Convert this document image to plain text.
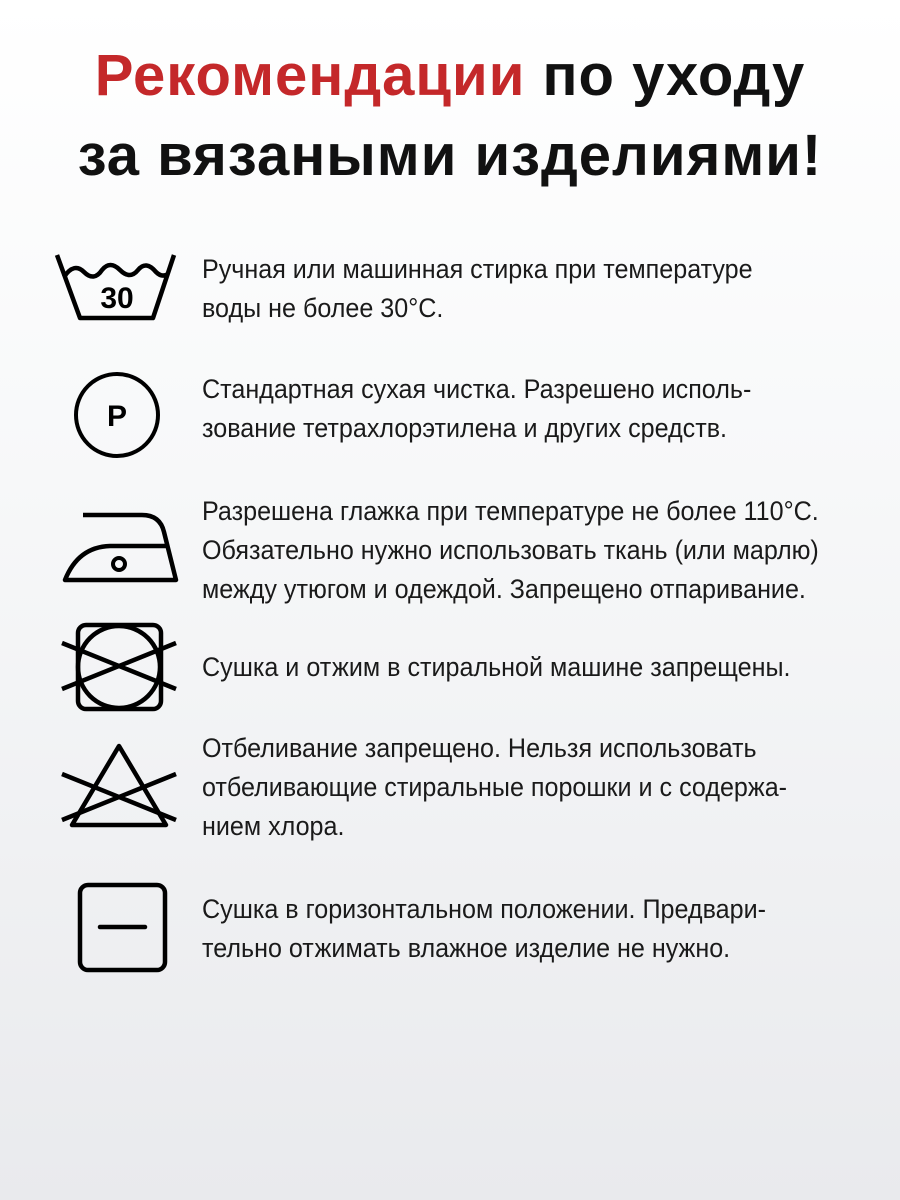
Рекомендации по уходу
за вязаными изделиями!
30
Ручная или машинная стирка при температуре
воды не более 30°С.
P
Стандартная сухая чистка. Разрешено исполь-
зование тетрахлорэтилена и других средств.
Разрешена глажка при температуре не более 110°С.
Обязательно нужно использовать ткань (или марлю)
между утюгом и одеждой. Запрещено отпаривание.
Сушка и отжим в стиральной машине запрещены.
Отбеливание запрещено. Нельзя использовать
отбеливающие стиральные порошки и с содержа-
нием хлора.
Сушка в горизонтальном положении. Предвари-
тельно отжимать влажное изделие не нужно.
